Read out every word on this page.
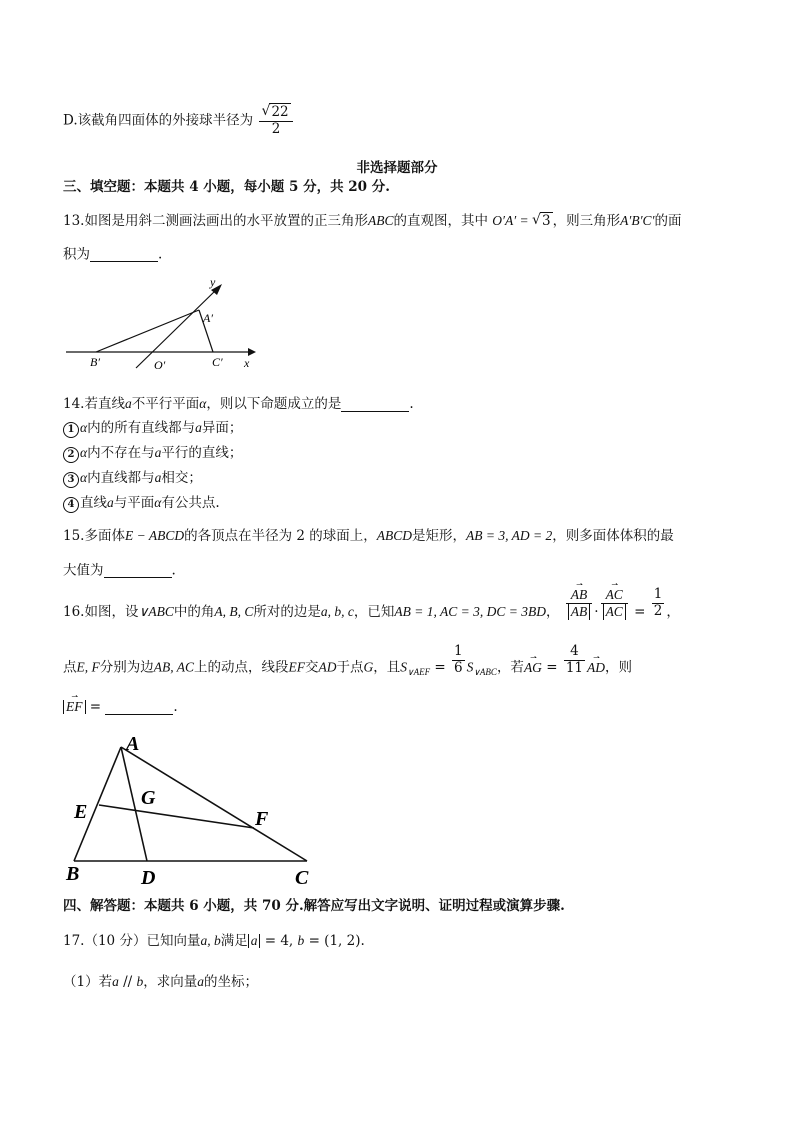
D.该截角四面体的外接球半径为 $\frac{√ 22}{2}$
非选择题部分
三、填空题：本题共 4 小题，每小题 5 分，共 20 分.
13.如图是用斜二测画法画出的水平放置的正三角形ABC的直观图，其中 O′A′ = √ 3 ，则三角形A′B′C′的面
积为	.
y
A′
B′	O′	C′ x
14.若直线a不平行平面α，则以下命题成立的是	.
1 α内的所有直线都与a异面；
2 α内不存在与a平行的直线；
3 α内直线都与a相交；
4 直线a与平面α有公共点.
15.多面体E − ABCD的各顶点在半径为 2 的球面上，ABCD是矩形，AB = 3, AD = 2，则多面体体积的最
大值为	.
16.如图，设∨ABC中的角A, B, C所对的边是a, b, c，已知AB = 1, AC = 3, DC = 3BD， ⇀
AB
AB · ⇀
AC
AC = $\frac{1}{2}$ ，
点E, F分别为边AB, AC上的动点，线段EF交AD于点G，且$S_{\vee AEF} = \frac{1}{6} S_{\vee ABC}$，若
⇀
AG = $\frac{4}{11}$	⇀
AD，则
⇀
EF =	.
A
E
G
F
B	D	C
四、解答题：本题共 6 小题，共 70 分.解答应写出文字说明、证明过程或演算步骤.
17.（10 分）已知向量a, b满足 a = 4, b = (1, 2).
（1）若a // b，求向量a的坐标；
